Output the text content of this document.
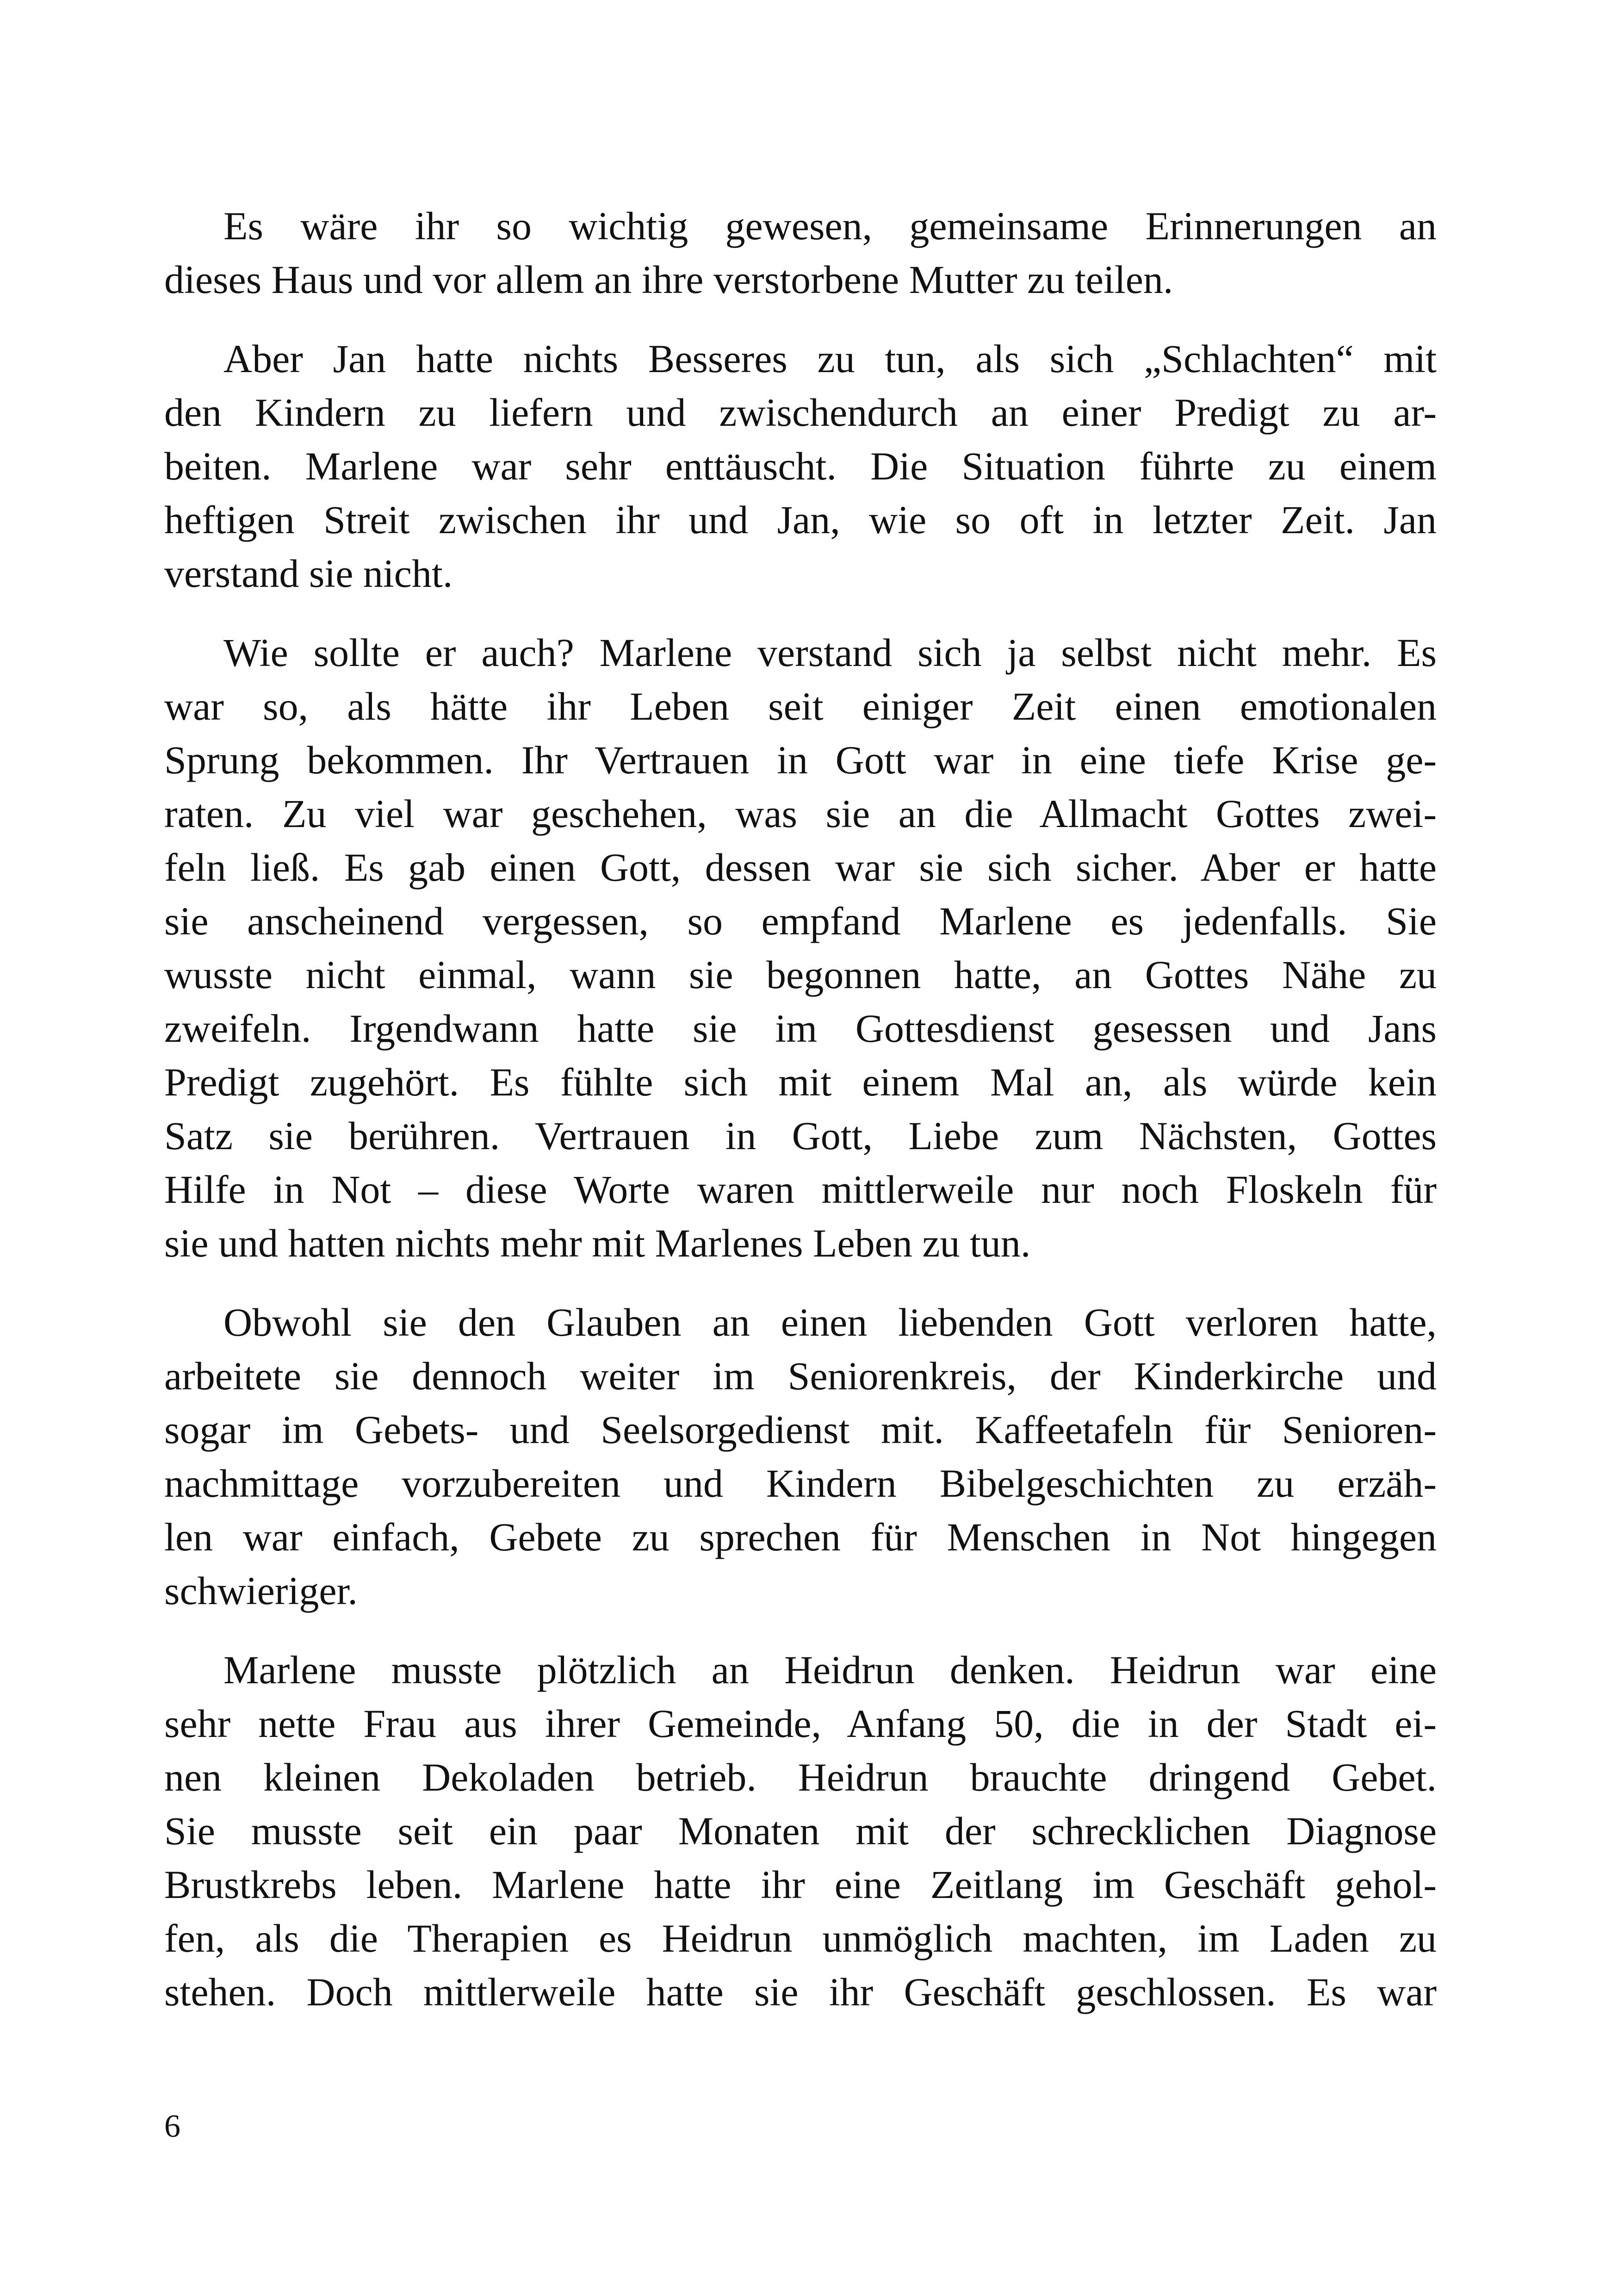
Es wäre ihr so wichtig gewesen, gemeinsame Erinnerungen an
dieses Haus und vor allem an ihre verstorbene Mutter zu teilen.
Aber Jan hatte nichts Besseres zu tun, als sich „Schlachten“ mit
den Kindern zu liefern und zwischendurch an einer Predigt zu ar-
beiten. Marlene war sehr enttäuscht. Die Situation führte zu einem
heftigen Streit zwischen ihr und Jan, wie so oft in letzter Zeit. Jan
verstand sie nicht.
Wie sollte er auch? Marlene verstand sich ja selbst nicht mehr. Es
war so, als hätte ihr Leben seit einiger Zeit einen emotionalen
Sprung bekommen. Ihr Vertrauen in Gott war in eine tiefe Krise ge-
raten. Zu viel war geschehen, was sie an die Allmacht Gottes zwei-
feln ließ. Es gab einen Gott, dessen war sie sich sicher. Aber er hatte
sie anscheinend vergessen, so empfand Marlene es jedenfalls. Sie
wusste nicht einmal, wann sie begonnen hatte, an Gottes Nähe zu
zweifeln. Irgendwann hatte sie im Gottesdienst gesessen und Jans
Predigt zugehört. Es fühlte sich mit einem Mal an, als würde kein
Satz sie berühren. Vertrauen in Gott, Liebe zum Nächsten, Gottes
Hilfe in Not – diese Worte waren mittlerweile nur noch Floskeln für
sie und hatten nichts mehr mit Marlenes Leben zu tun.
Obwohl sie den Glauben an einen liebenden Gott verloren hatte,
arbeitete sie dennoch weiter im Seniorenkreis, der Kinderkirche und
sogar im Gebets- und Seelsorgedienst mit. Kaffeetafeln für Senioren-
nachmittage vorzubereiten und Kindern Bibelgeschichten zu erzäh-
len war einfach, Gebete zu sprechen für Menschen in Not hingegen
schwieriger.
Marlene musste plötzlich an Heidrun denken. Heidrun war eine
sehr nette Frau aus ihrer Gemeinde, Anfang 50, die in der Stadt ei-
nen kleinen Dekoladen betrieb. Heidrun brauchte dringend Gebet.
Sie musste seit ein paar Monaten mit der schrecklichen Diagnose
Brustkrebs leben. Marlene hatte ihr eine Zeitlang im Geschäft gehol-
fen, als die Therapien es Heidrun unmöglich machten, im Laden zu
stehen. Doch mittlerweile hatte sie ihr Geschäft geschlossen. Es war
6
